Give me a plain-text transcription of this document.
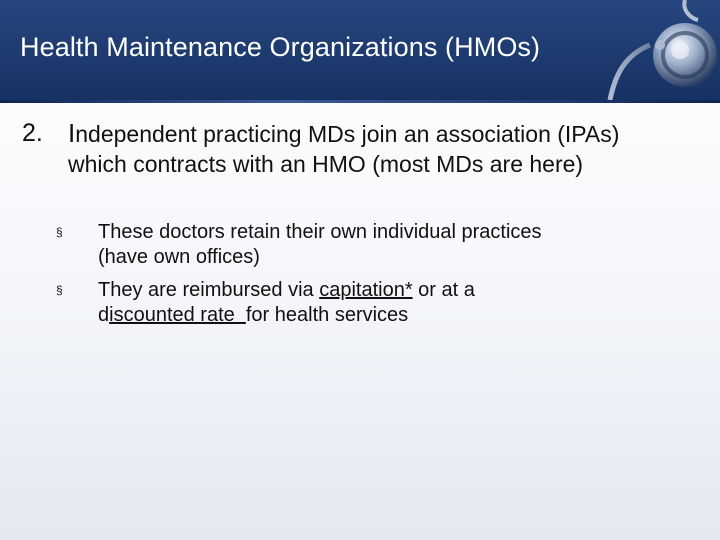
Health Maintenance Organizations (HMOs)
2. Independent practicing MDs join an association (IPAs) which contracts with an HMO (most MDs are here)
§ These doctors retain their own individual practices (have own offices)
§ They are reimbursed via capitation* or at a discounted rate  for health services
